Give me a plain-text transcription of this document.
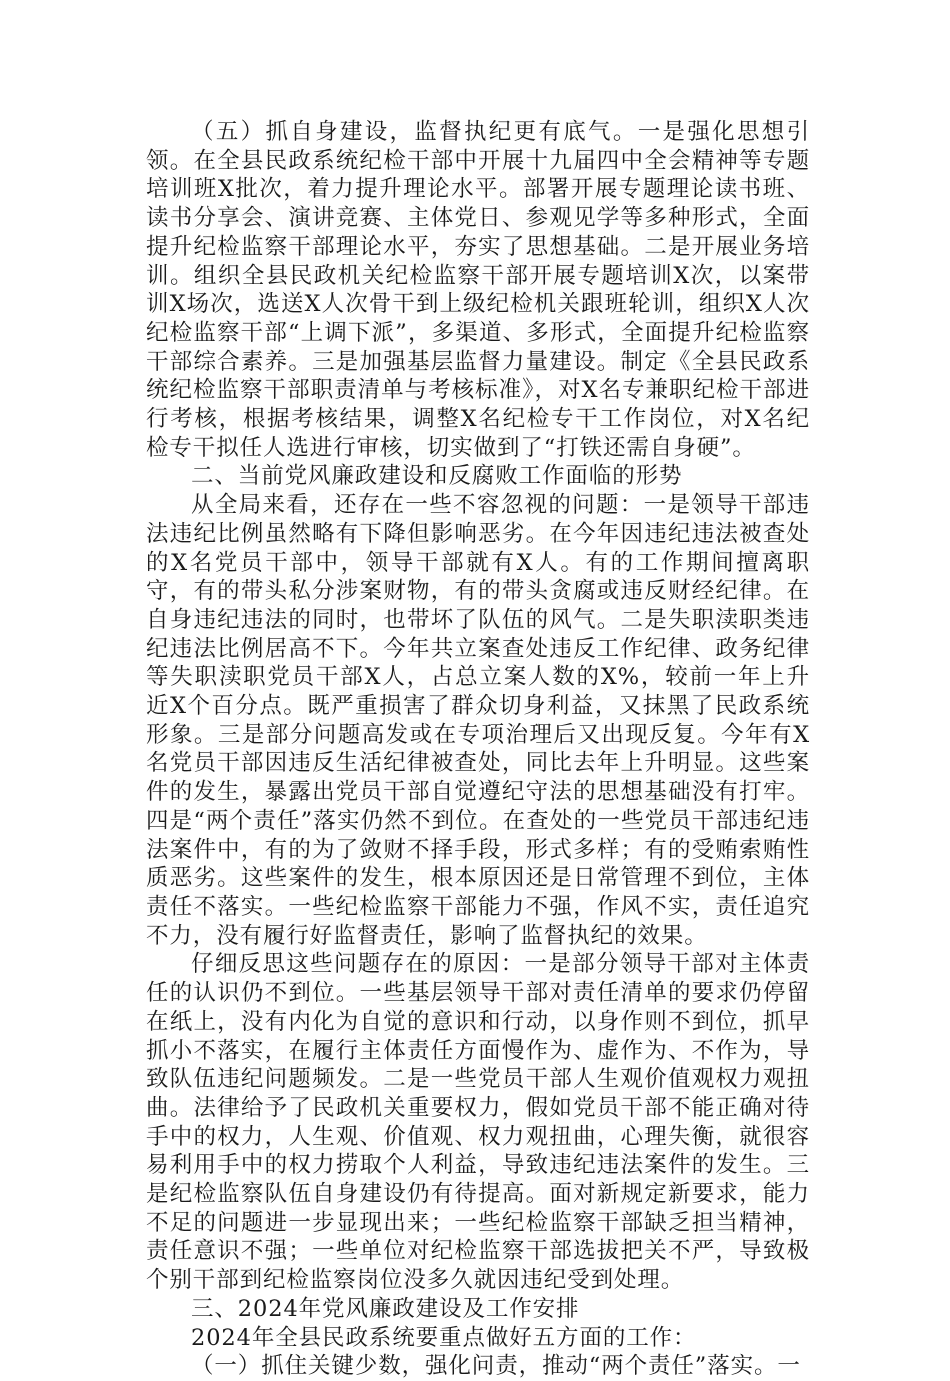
（五）抓自身建设，监督执纪更有底气。一是强化思想引领。在全县民政系统纪检干部中开展十九届四中全会精神等专题培训班X批次，着力提升理论水平。部署开展专题理论读书班、读书分享会、演讲竞赛、主体党日、参观见学等多种形式，全面提升纪检监察干部理论水平，夯实了思想基础。二是开展业务培训。组织全县民政机关纪检监察干部开展专题培训X次，以案带训X场次，选送X人次骨干到上级纪检机关跟班轮训，组织X人次纪检监察干部“上调下派”，多渠道、多形式，全面提升纪检监察干部综合素养。三是加强基层监督力量建设。制定《全县民政系统纪检监察干部职责清单与考核标准》，对X名专兼职纪检干部进行考核，根据考核结果，调整X名纪检专干工作岗位，对X名纪检专干拟任人选进行审核，切实做到了“打铁还需自身硬”。

二、当前党风廉政建设和反腐败工作面临的形势

从全局来看，还存在一些不容忽视的问题：一是领导干部违法违纪比例虽然略有下降但影响恶劣。在今年因违纪违法被查处的X名党员干部中，领导干部就有X人。有的工作期间擅离职守，有的带头私分涉案财物，有的带头贪腐或违反财经纪律。在自身违纪违法的同时，也带坏了队伍的风气。二是失职渎职类违纪违法比例居高不下。今年共立案查处违反工作纪律、政务纪律等失职渎职党员干部X人，占总立案人数的X%，较前一年上升近X个百分点。既严重损害了群众切身利益，又抹黑了民政系统形象。三是部分问题高发或在专项治理后又出现反复。今年有X名党员干部因违反生活纪律被查处，同比去年上升明显。这些案件的发生，暴露出党员干部自觉遵纪守法的思想基础没有打牢。四是“两个责任”落实仍然不到位。在查处的一些党员干部违纪违法案件中，有的为了敛财不择手段，形式多样；有的受贿索贿性质恶劣。这些案件的发生，根本原因还是日常管理不到位，主体责任不落实。一些纪检监察干部能力不强，作风不实，责任追究不力，没有履行好监督责任，影响了监督执纪的效果。

仔细反思这些问题存在的原因：一是部分领导干部对主体责任的认识仍不到位。一些基层领导干部对责任清单的要求仍停留在纸上，没有内化为自觉的意识和行动，以身作则不到位，抓早抓小不落实，在履行主体责任方面慢作为、虚作为、不作为，导致队伍违纪问题频发。二是一些党员干部人生观价值观权力观扭曲。法律给予了民政机关重要权力，假如党员干部不能正确对待手中的权力，人生观、价值观、权力观扭曲，心理失衡，就很容易利用手中的权力捞取个人利益，导致违纪违法案件的发生。三是纪检监察队伍自身建设仍有待提高。面对新规定新要求，能力不足的问题进一步显现出来；一些纪检监察干部缺乏担当精神，责任意识不强；一些单位对纪检监察干部选拔把关不严，导致极个别干部到纪检监察岗位没多久就因违纪受到处理。

三、2024年党风廉政建设及工作安排

2024年全县民政系统要重点做好五方面的工作：

（一）抓住关键少数，强化问责，推动“两个责任”落实。一
